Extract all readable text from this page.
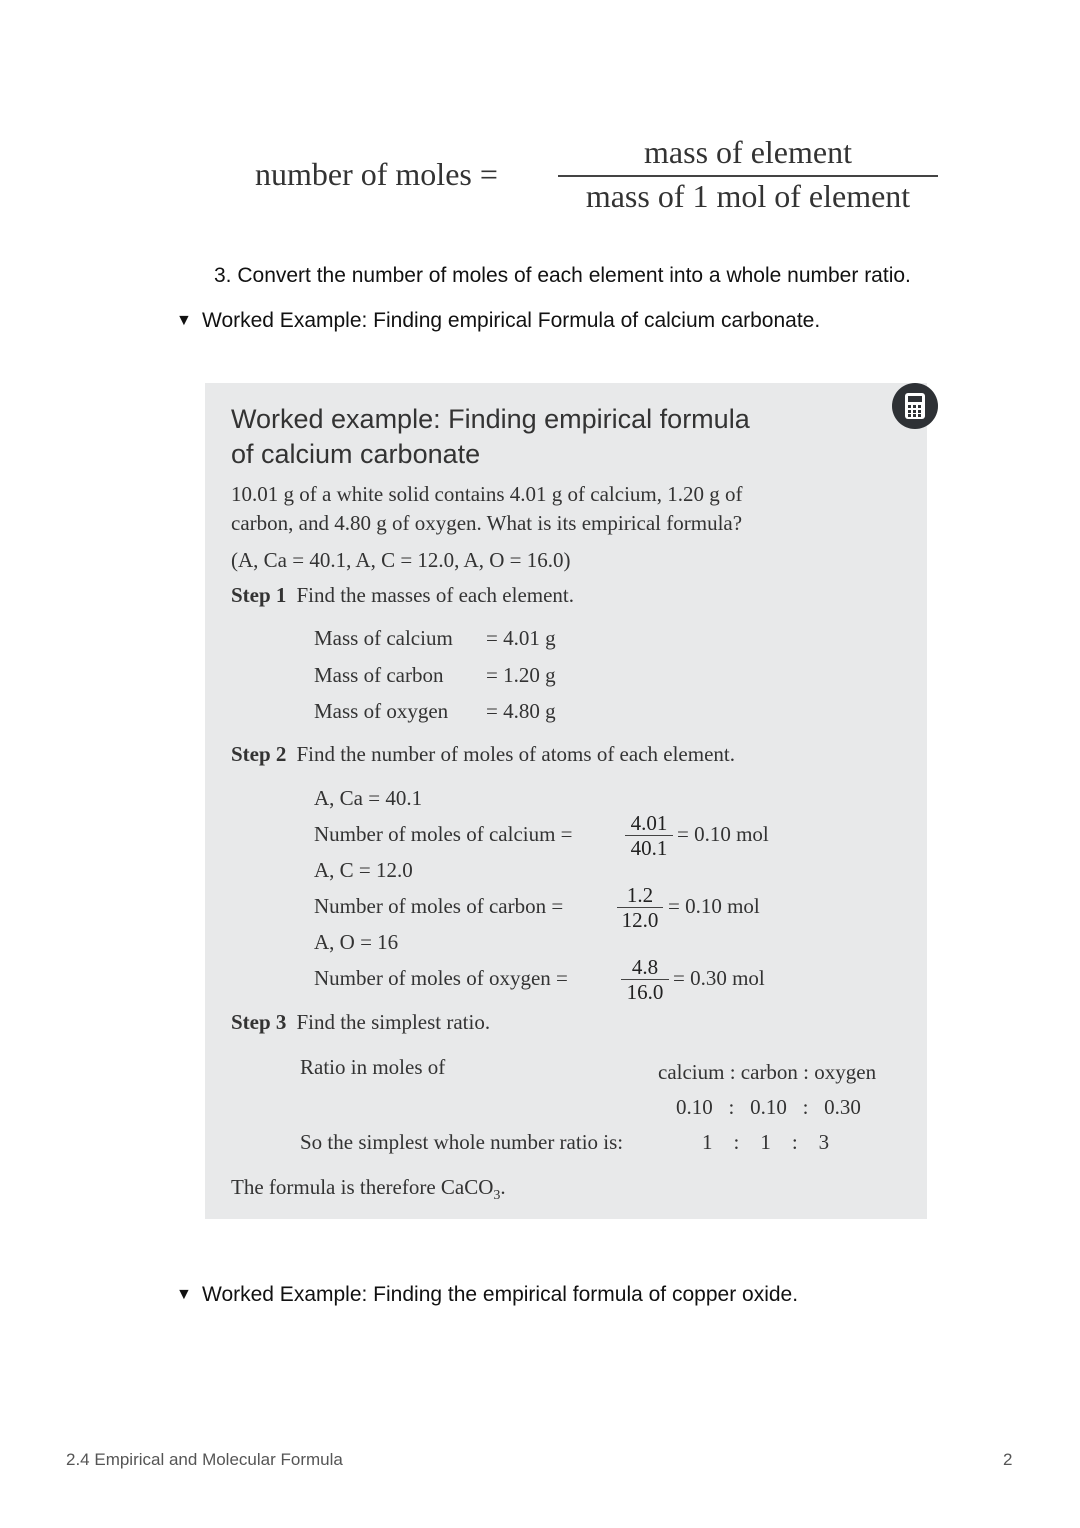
number of moles =
mass of element
mass of 1 mol of element
3. Convert the number of moles of each element into a whole number ratio.
▼ Worked Example: Finding empirical Formula of calcium carbonate.
Worked example: Finding empirical formula
of calcium carbonate
10.01 g of a white solid contains 4.01 g of calcium, 1.20 g of
carbon, and 4.80 g of oxygen. What is its empirical formula?
(A, Ca = 40.1, A, C = 12.0, A, O = 16.0)
Step 1 Find the masses of each element.
Mass of calcium = 4.01 g
Mass of carbon = 1.20 g
Mass of oxygen = 4.80 g
Step 2 Find the number of moles of atoms of each element.
A, Ca = 40.1
Number of moles of calcium = $\frac{4.01}{40.1} = 0.10$ mol
A, C = 12.0
Number of moles of carbon =	$\frac{1.2}{12.0} = 0.10$ mol
A, O = 16
Number of moles of oxygen =	$\frac{4.8}{16.0} = 0.30$ mol
Step 3 Find the simplest ratio.
Ratio in moles of	calcium : carbon : oxygen
0.10   :   0.10   :   0.30
So the simplest whole number ratio is:	1    :    1    :    3
The formula is therefore CaCO$_3$.
▼ Worked Example: Finding the empirical formula of copper oxide.
2.4 Empirical and Molecular Formula	2
